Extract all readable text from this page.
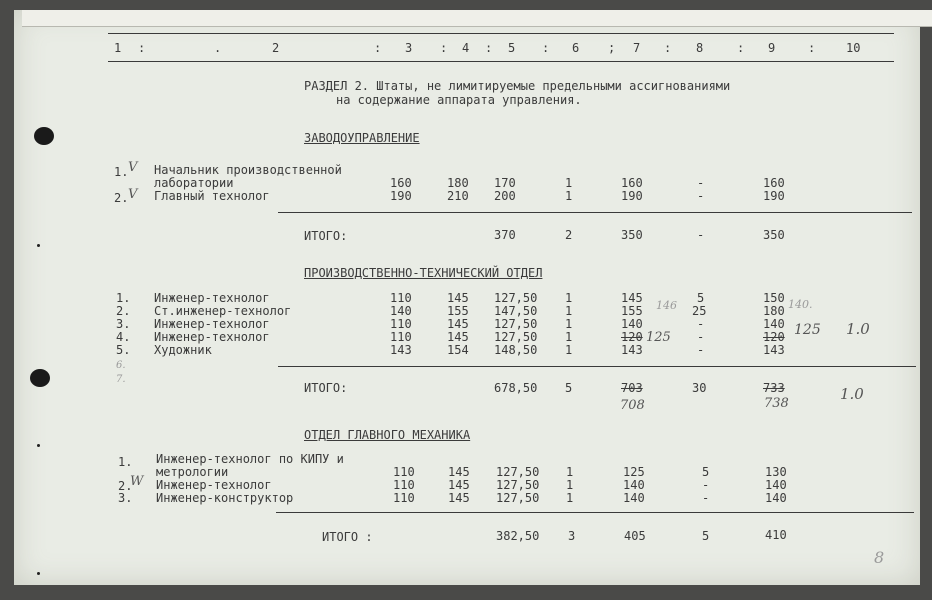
1 :	.	2	: 3 : 4 : 5 : 6 ; 7 : 8	: 9	:	10
РАЗДЕЛ 2. Штаты, не лимитируемые предельными ассигнованиями
на содержание аппарата управления.
ЗАВОДОУПРАВЛЕНИЕ
1. Начальник производственной
лаборатории	160	180 170	1	160	-	160
2. Главный технолог	190	210 200	1	190	-	190
ИТОГО:	370	2	350	-	350
ПРОИЗВОДСТВЕННО-ТЕХНИЧЕСКИЙ ОТДЕЛ
1. Инженер-технолог	110	145 127,50 1	145	5	150
2. Ст.инженер-технолог	140	155 147,50 1	155	25	180
3. Инженер-технолог	110	145 127,50 1	140	-	140
4. Инженер-технолог	110	145 127,50 1	120	-	120
5. Художник	143	154 148,50 1	143	-	143
ИТОГО:	678,50 5	703	30	733
ОТДЕЛ ГЛАВНОГО МЕХАНИКА
1. Инженер-технолог по КИПУ и
метрологии	110	145 127,50 1	125	5	130
2. Инженер-технолог	110	145 127,50 1	140	-	140
3. Инженер-конструктор	110	145 127,50 1	140	-	140
ИТОГО :	382,50 3	405	5	410
V
V
W
146	140.
125	125 1.0
708	738
1.0
6.
7.
8
